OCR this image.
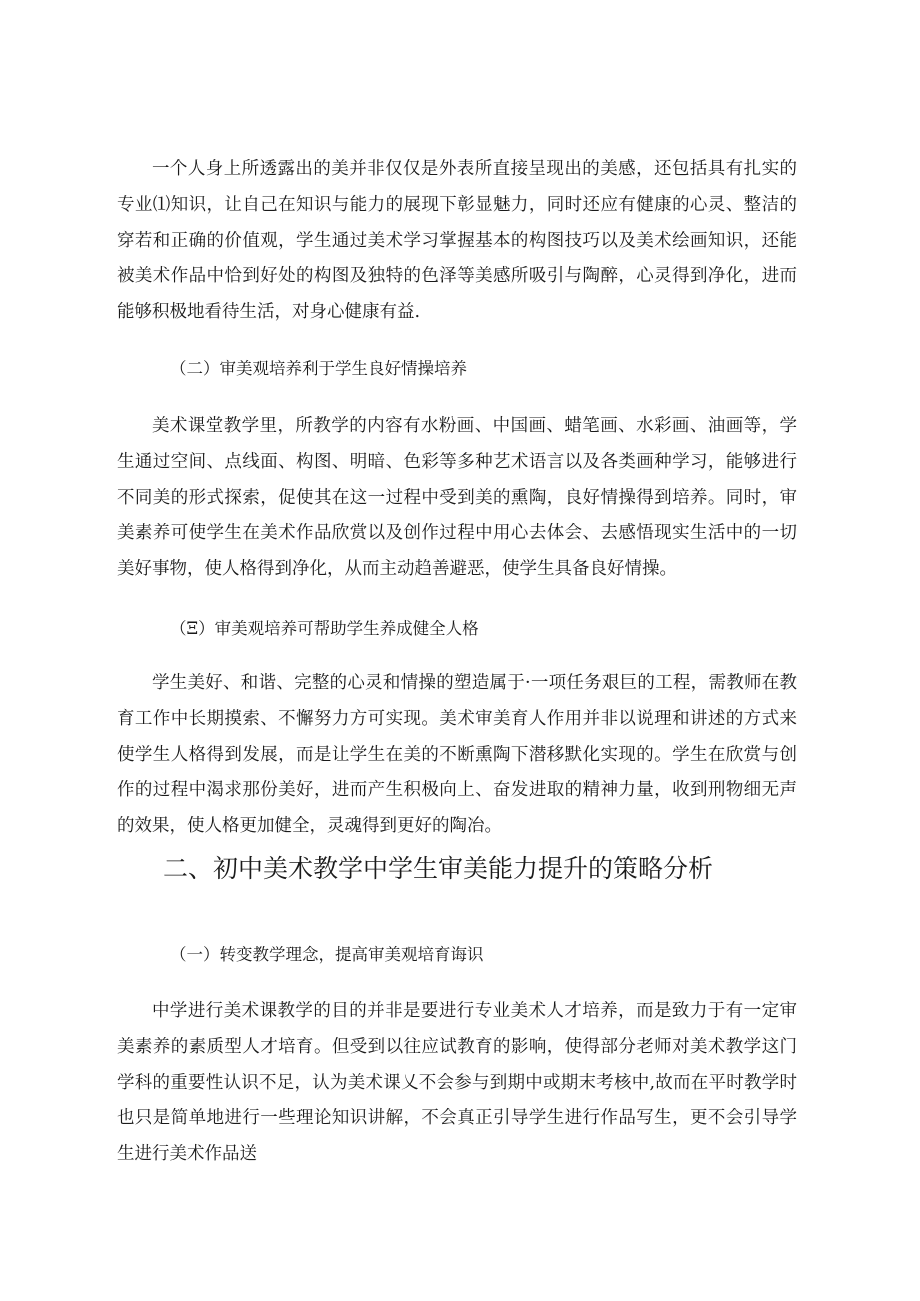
一个人身上所透露出的美并非仅仅是外表所直接呈现出的美感，还包括具有扎实的专业⑴知识，让自己在知识与能力的展现下彰显魅力，同时还应有健康的心灵、整洁的穿若和正确的价值观，学生通过美术学习掌握基本的构图技巧以及美术绘画知识，还能被美术作品中恰到好处的构图及独特的色泽等美感所吸引与陶醉，心灵得到净化，进而能够积极地看待生活，对身心健康有益.

（二）审美观培养利于学生良好情操培养

美术课堂教学里，所教学的内容有水粉画、中国画、蜡笔画、水彩画、油画等，学生通过空间、点线面、构图、明暗、色彩等多种艺术语言以及各类画种学习，能够进行不同美的形式探索，促使其在这一过程中受到美的熏陶，良好情操得到培养。同时，审美素养可使学生在美术作品欣赏以及创作过程中用心去体会、去感悟现实生活中的一切美好事物，使人格得到净化，从而主动趋善避恶，使学生具备良好情操。

（Ξ）审美观培养可帮助学生养成健全人格

学生美好、和谐、完整的心灵和情操的塑造属于·一项任务艰巨的工程，需教师在教育工作中长期摸索、不懈努力方可实现。美术审美育人作用并非以说理和讲述的方式来使学生人格得到发展，而是让学生在美的不断熏陶下潜移默化实现的。学生在欣赏与创作的过程中渴求那份美好，进而产生积极向上、奋发进取的精神力量，收到刑物细无声的效果，使人格更加健全，灵魂得到更好的陶冶。

二、初中美术教学中学生审美能力提升的策略分析

（一）转变教学理念，提高审美观培育诲识

中学进行美术课教学的目的并非是要进行专业美术人才培养，而是致力于有一定审美素养的素质型人才培育。但受到以往应试教育的影响，使得部分老师对美术教学这门学科的重要性认识不足，认为美术课乂不会参与到期中或期末考核中,故而在平时教学时也只是简单地进行一些理论知识讲解，不会真正引导学生进行作品写生，更不会引导学生进行美术作品送
